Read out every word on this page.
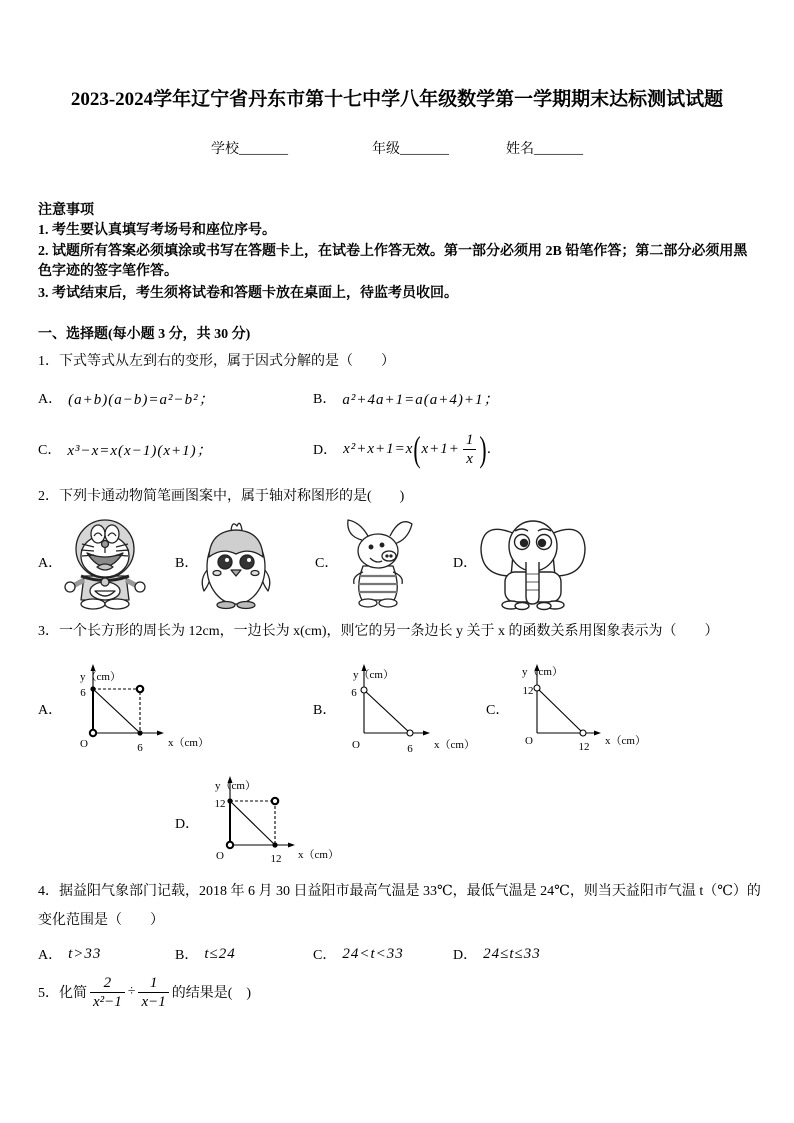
2023-2024学年辽宁省丹东市第十七中学八年级数学第一学期期末达标测试试题
学校_______	年级_______	姓名_______
注意事项
1. 考生要认真填写考场号和座位序号。
2. 试题所有答案必须填涂或书写在答题卡上，在试卷上作答无效。第一部分必须用 2B 铅笔作答；第二部分必须用黑
色字迹的签字笔作答。
3. 考试结束后，考生须将试卷和答题卡放在桌面上，待监考员收回。
一、选择题(每小题 3 分，共 30 分)
1．下式等式从左到右的变形，属于因式分解的是（　　）
A． (a+b)(a−b)=a²−b²；	B． a²+4a+1=a(a+4)+1；
C． x³−x=x(x−1)(x+1)；	D． x²+x+1=x ( $x+1+ \frac{1}{x}$ ) .
2．下列卡通动物简笔画图案中，属于轴对称图形的是(　　)
A．	B．	C．	D．
3．一个长方形的周长为 12cm，一边长为 x(cm)，则它的另一条边长 y 关于 x 的函数关系用图象表示为（　　）
A．	B．	C．
D．
y（cm）
6
O	6 x（cm）
y（cm）
6
O	6 x（cm）
y（cm）
12
O	12 x（cm）
y（cm）
12
O	12 x（cm）
4．据益阳气象部门记载，2018 年 6 月 30 日益阳市最高气温是 33℃，最低气温是 24℃，则当天益阳市气温 t（℃）的
变化范围是（　　）
A． t>33	B． t≤24	C． 24<t<33	D． 24≤t≤33
5．化简 $\frac{2}{\text{x²−1}} \div \frac{1}{x-1}$ 的结果是(　)
